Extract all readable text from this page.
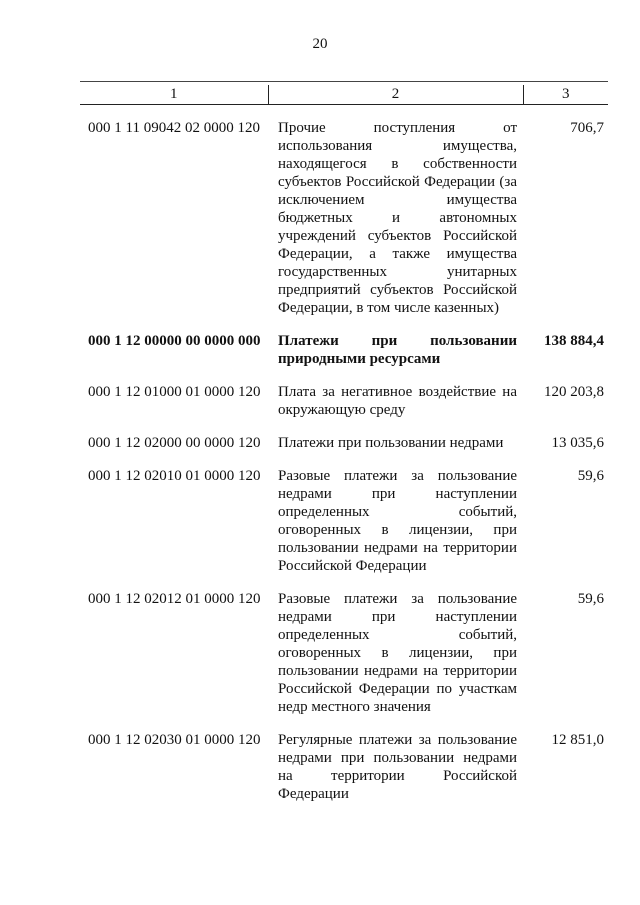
20
1	2	3
000 1 11 09042 02 0000 120	Прочие поступления от использования имущества, находящегося в собственности субъектов Российской Федерации (за исключением имущества бюджетных и автономных учреждений субъектов Российской Федерации, а также имущества государственных унитарных предприятий субъектов Российской Федерации, в том числе казенных)	706,7
000 1 12 00000 00 0000 000	Платежи при пользовании природными ресурсами	138 884,4
000 1 12 01000 01 0000 120	Плата за негативное воздействие на окружающую среду	120 203,8
000 1 12 02000 00 0000 120	Платежи при пользовании недрами	13 035,6
000 1 12 02010 01 0000 120	Разовые платежи за пользование недрами при наступлении определенных событий, оговоренных в лицензии, при пользовании недрами на территории Российской Федерации	59,6
000 1 12 02012 01 0000 120	Разовые платежи за пользование недрами при наступлении определенных событий, оговоренных в лицензии, при пользовании недрами на территории Российской Федерации по участкам недр местного значения	59,6
000 1 12 02030 01 0000 120	Регулярные платежи за пользование недрами при пользовании недрами на территории Российской Федерации	12 851,0
